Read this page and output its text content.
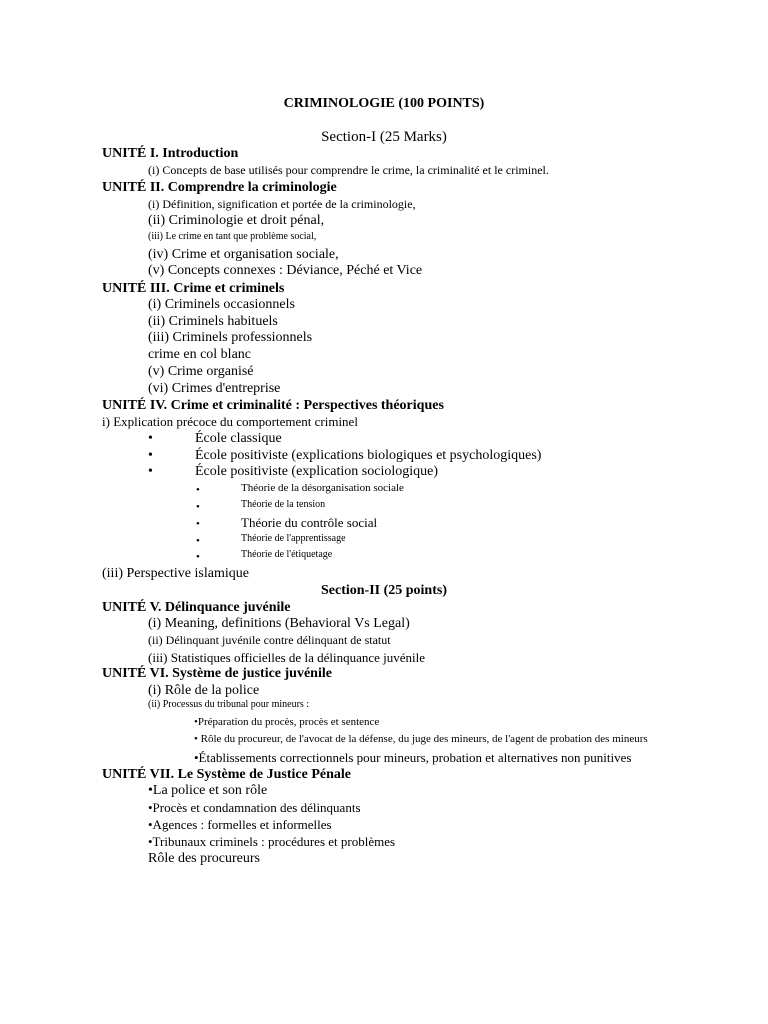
CRIMINOLOGIE (100 POINTS)
Section-I (25 Marks)
UNITÉ I. Introduction
(i) Concepts de base utilisés pour comprendre le crime, la criminalité et le criminel.
UNITÉ II. Comprendre la criminologie
(i) Définition, signification et portée de la criminologie,
(ii) Criminologie et droit pénal,
(iii) Le crime en tant que problème social,
(iv) Crime et organisation sociale,
(v) Concepts connexes : Déviance, Péché et Vice
UNITÉ III. Crime et criminels
(i) Criminels occasionnels
(ii) Criminels habituels
(iii) Criminels professionnels
crime en col blanc
(v) Crime organisé
(vi) Crimes d'entreprise
UNITÉ IV. Crime et criminalité : Perspectives théoriques
i) Explication précoce du comportement criminel
•	École classique
•	École positiviste (explications biologiques et psychologiques)
•	École positiviste (explication sociologique)
•	Théorie de la désorganisation sociale
•	Théorie de la tension
•	Théorie du contrôle social
•	Théorie de l'apprentissage
•	Théorie de l'étiquetage
(iii) Perspective islamique
Section-II (25 points)
UNITÉ V. Délinquance juvénile
(i) Meaning, definitions (Behavioral Vs Legal)
(ii) Délinquant juvénile contre délinquant de statut
(iii) Statistiques officielles de la délinquance juvénile
UNITÉ VI. Système de justice juvénile
(i) Rôle de la police
(ii) Processus du tribunal pour mineurs :
•Préparation du procès, procès et sentence
• Rôle du procureur, de l'avocat de la défense, du juge des mineurs, de l'agent de probation des mineurs
•Établissements correctionnels pour mineurs, probation et alternatives non punitives
UNITÉ VII. Le Système de Justice Pénale
•La police et son rôle
•Procès et condamnation des délinquants
•Agences : formelles et informelles
•Tribunaux criminels : procédures et problèmes
Rôle des procureurs
